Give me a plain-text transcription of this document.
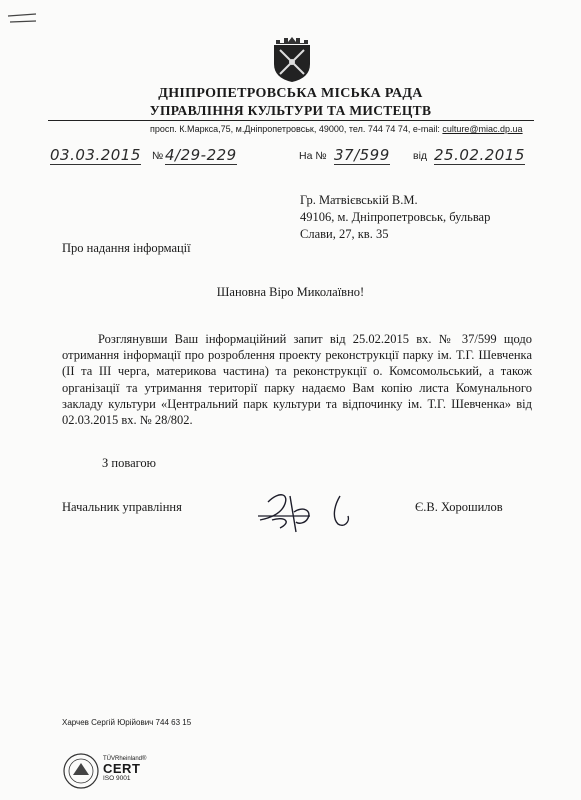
ДНІПРОПЕТРОВСЬКА МІСЬКА РАДА
УПРАВЛІННЯ КУЛЬТУРИ ТА МИСТЕЦТВ
просп. К.Маркса,75, м.Дніпропетровськ, 49000, тел. 744 74 74, e-mail: culture@miac.dp.ua
03.03.2015 № 4/29-229	На № 37/599 від 25.02.2015
Гр. Матвієвській В.М.
49106, м. Дніпропетровськ, бульвар
Слави, 27, кв. 35
Про надання інформації
Шановна Віро Миколаївно!

Розглянувши Ваш інформаційний запит від 25.02.2015 вх. № 37/599 щодо отримання інформації про розроблення проекту реконструкції парку ім. Т.Г. Шевченка (II та III черга, материкова частина) та реконструкції о. Комсомольський, а також організації та утримання території парку надаємо Вам копію листа Комунального закладу культури «Центральний парк культури та відпочинку ім. Т.Г. Шевченка» від 02.03.2015 вх. № 28/802.

З повагою
Начальник управління	Є.В. Хорошилов
Харчев Сергій Юрійович 744 63 15
TÜVRheinland®
CERT
ISO 9001
